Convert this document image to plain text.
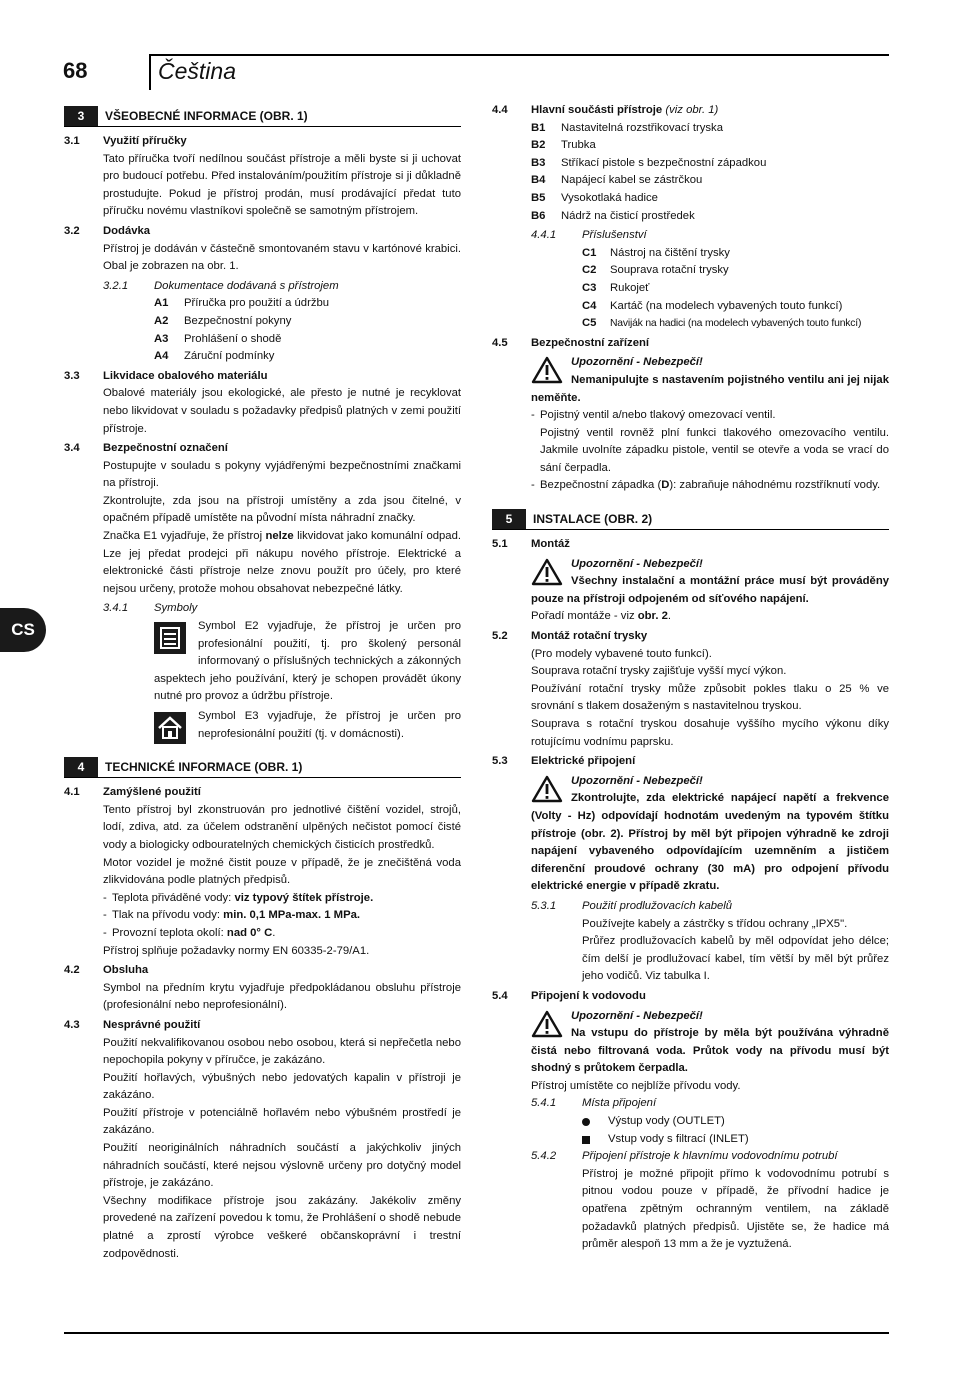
68	Čeština
CS
3	VŠEOBECNÉ INFORMACE (OBR. 1)
3.1 Využití příručky
Tato příručka tvoří nedílnou součást přístroje a měli byste si ji uchovat pro budoucí potřebu. Před instalováním/použitím přístroje si ji důkladně prostudujte. Pokud je přístroj prodán, musí prodávající předat tuto příručku novému vlastníkovi společně se samotným přístrojem.
3.2 Dodávka
Přístroj je dodáván v částečně smontovaném stavu v kartónové krabici. Obal je zobrazen na obr. 1.
3.2.1 Dokumentace dodávaná s přístrojem
A1 Příručka pro použití a údržbu
A2 Bezpečnostní pokyny
A3 Prohlášení o shodě
A4 Záruční podmínky
3.3 Likvidace obalového materiálu
Obalové materiály jsou ekologické, ale přesto je nutné je recyklovat nebo likvidovat v souladu s požadavky předpisů platných v zemi použití přístroje.
3.4 Bezpečnostní označení
Postupujte v souladu s pokyny vyjádřenými bezpečnostními značkami na přístroji.
Zkontrolujte, zda jsou na přístroji umístěny a zda jsou čitelné, v opačném případě umístěte na původní místa náhradní značky.
Značka E1 vyjadřuje, že přístroj nelze likvidovat jako komunální odpad. Lze jej předat prodejci při nákupu nového přístroje. Elektrické a elektronické části přístroje nelze znovu použít pro účely, pro které nejsou určeny, protože mohou obsahovat nebezpečné látky.
3.4.1 Symboly
Symbol E2 vyjadřuje, že přístroj je určen pro profesionální použití, tj. pro školený personál informovaný o příslušných technických a zákonných aspektech jeho používání, který je schopen provádět úkony nutné pro provoz a údržbu přístroje.
Symbol E3 vyjadřuje, že přístroj je určen pro neprofesionální použití (tj. v domácnosti).
4	TECHNICKÉ INFORMACE (OBR. 1)
4.1 Zamýšlené použití
Tento přístroj byl zkonstruován pro jednotlivé čištění vozidel, strojů, lodí, zdiva, atd. za účelem odstranění ulpěných nečistot pomocí čisté vody a biologicky odbouratelných chemických čisticích prostředků.
Motor vozidel je možné čistit pouze v případě, že je znečištěná voda zlikvidována podle platných předpisů.
- Teplota přiváděné vody: viz typový štítek přístroje.
- Tlak na přívodu vody: min. 0,1 MPa-max. 1 MPa.
- Provozní teplota okolí: nad 0° C.
Přístroj splňuje požadavky normy EN 60335-2-79/A1.
4.2 Obsluha
Symbol na předním krytu vyjadřuje předpokládanou obsluhu přístroje (profesionální nebo neprofesionální).
4.3 Nesprávné použití
Použití nekvalifikovanou osobou nebo osobou, která si nepřečetla nebo nepochopila pokyny v příručce, je zakázáno.
Použití hořlavých, výbušných nebo jedovatých kapalin v přístroji je zakázáno.
Použití přístroje v potenciálně hořlavém nebo výbušném prostředí je zakázáno.
Použití neoriginálních náhradních součástí a jakýchkoliv jiných náhradních součástí, které nejsou výslovně určeny pro dotyčný model přístroje, je zakázáno.
Všechny modifikace přístroje jsou zakázány. Jakékoliv změny provedené na zařízení povedou k tomu, že Prohlášení o shodě nebude platné a zprostí výrobce veškeré občanskoprávní i trestní zodpovědnosti.
4.4 Hlavní součásti přístroje (viz obr. 1)
B1 Nastavitelná rozstřikovací tryska
B2 Trubka
B3 Stříkací pistole s bezpečnostní západkou
B4 Napájecí kabel se zástrčkou
B5 Vysokotlaká hadice
B6 Nádrž na čisticí prostředek
4.4.1 Příslušenství
C1 Nástroj na čištění trysky
C2 Souprava rotační trysky
C3 Rukojeť
C4 Kartáč (na modelech vybavených touto funkcí)
C5 Naviják na hadici (na modelech vybavených touto funkcí)
4.5 Bezpečnostní zařízení
Upozornění - Nebezpečí!
Nemanipulujte s nastavením pojistného ventilu ani jej nijak neměňte.
- Pojistný ventil a/nebo tlakový omezovací ventil.
Pojistný ventil rovněž plní funkci tlakového omezovacího ventilu. Jakmile uvolníte západku pistole, ventil se otevře a voda se vrací do sání čerpadla.
- Bezpečnostní západka (D): zabraňuje náhodnému rozstříknutí vody.
5	INSTALACE (OBR. 2)
5.1 Montáž
Upozornění - Nebezpečí!
Všechny instalační a montážní práce musí být prováděny pouze na přístroji odpojeném od síťového napájení.
Pořadí montáže - viz obr. 2.
5.2 Montáž rotační trysky
(Pro modely vybavené touto funkcí).
Souprava rotační trysky zajišťuje vyšší mycí výkon.
Používání rotační trysky může způsobit pokles tlaku o 25 % ve srovnání s tlakem dosaženým s nastavitelnou tryskou.
Souprava s rotační tryskou dosahuje vyššího mycího výkonu díky rotujícímu vodnímu paprsku.
5.3 Elektrické připojení
Upozornění - Nebezpečí!
Zkontrolujte, zda elektrické napájecí napětí a frekvence (Volty - Hz) odpovídají hodnotám uvedeným na typovém štítku přístroje (obr. 2). Přístroj by měl být připojen výhradně ke zdroji napájení vybaveného odpovídajícím uzemněním a jističem diferenční proudové ochrany (30 mA) pro odpojení přívodu elektrické energie v případě zkratu.
5.3.1 Použití prodlužovacích kabelů
Používejte kabely a zástrčky s třídou ochrany „IPX5".
Průřez prodlužovacích kabelů by měl odpovídat jeho délce; čím delší je prodlužovací kabel, tím větší by měl být průřez jeho vodičů. Viz tabulka I.
5.4 Připojení k vodovodu
Upozornění - Nebezpečí!
Na vstupu do přístroje by měla být používána výhradně čistá nebo filtrovaná voda. Průtok vody na přívodu musí být shodný s průtokem čerpadla.
Přístroj umístěte co nejblíže přívodu vody.
5.4.1 Místa připojení
Výstup vody (OUTLET)
Vstup vody s filtrací (INLET)
5.4.2 Připojení přístroje k hlavnímu vodovodnímu potrubí
Přístroj je možné připojit přímo k vodovodnímu potrubí s pitnou vodou pouze v případě, že přívodní hadice je opatřena zpětným ochranným ventilem, na základě požadavků platných předpisů. Ujistěte se, že hadice má průměr alespoň 13 mm a že je vyztužená.
